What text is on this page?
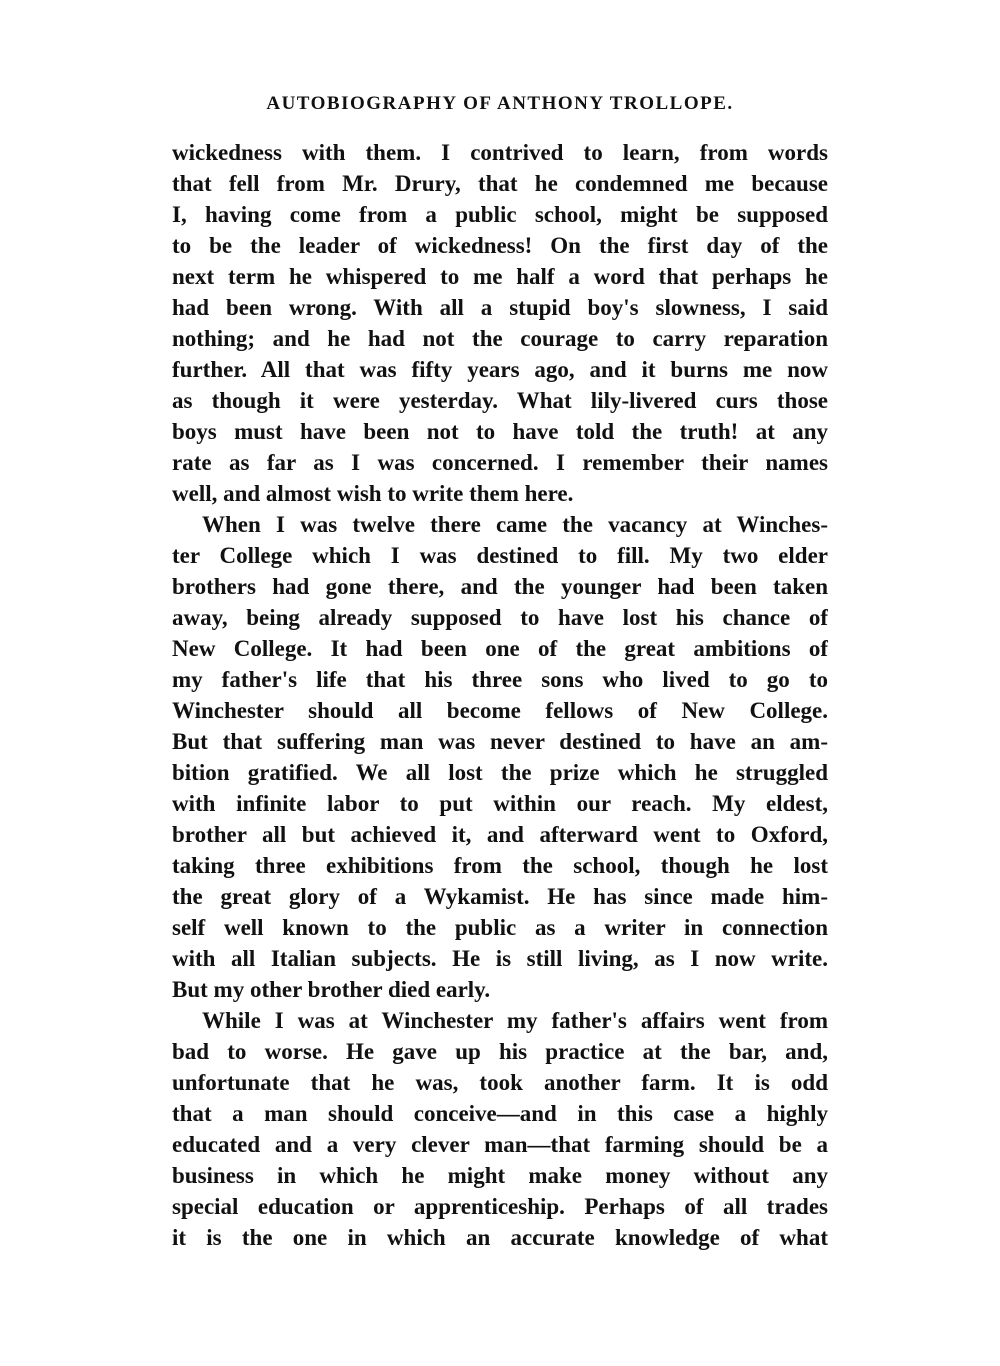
AUTOBIOGRAPHY OF ANTHONY TROLLOPE.
wickedness with them. I contrived to learn, from words
that fell from Mr. Drury, that he condemned me because
I, having come from a public school, might be supposed
to be the leader of wickedness! On the first day of the
next term he whispered to me half a word that perhaps he
had been wrong. With all a stupid boy's slowness, I said
nothing; and he had not the courage to carry reparation
further. All that was fifty years ago, and it burns me now
as though it were yesterday. What lily-livered curs those
boys must have been not to have told the truth! at any
rate as far as I was concerned. I remember their names
well, and almost wish to write them here.
When I was twelve there came the vacancy at Winches-
ter College which I was destined to fill. My two elder
brothers had gone there, and the younger had been taken
away, being already supposed to have lost his chance of
New College. It had been one of the great ambitions of
my father's life that his three sons who lived to go to
Winchester should all become fellows of New College.
But that suffering man was never destined to have an am-
bition gratified. We all lost the prize which he struggled
with infinite labor to put within our reach. My eldest,
brother all but achieved it, and afterward went to Oxford,
taking three exhibitions from the school, though he lost
the great glory of a Wykamist. He has since made him-
self well known to the public as a writer in connection
with all Italian subjects. He is still living, as I now write.
But my other brother died early.
While I was at Winchester my father's affairs went from
bad to worse. He gave up his practice at the bar, and,
unfortunate that he was, took another farm. It is odd
that a man should conceive—and in this case a highly
educated and a very clever man—that farming should be a
business in which he might make money without any
special education or apprenticeship. Perhaps of all trades
it is the one in which an accurate knowledge of what
